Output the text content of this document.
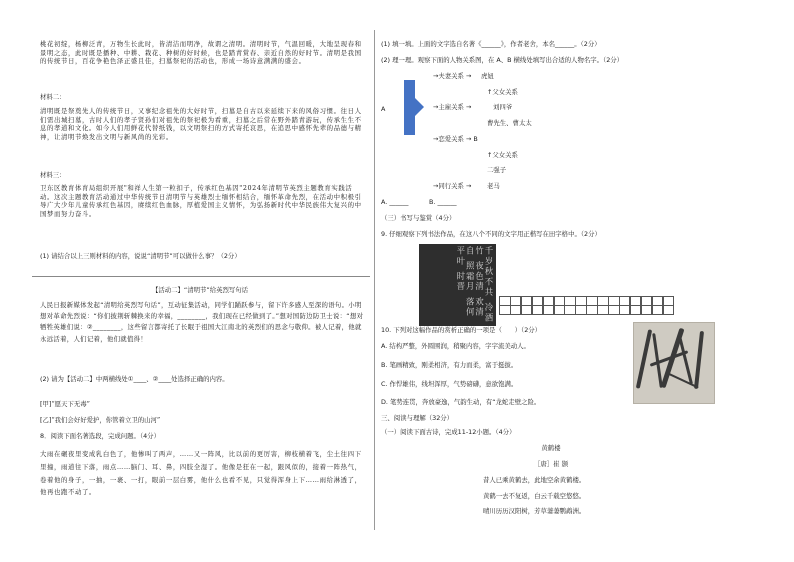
桃花初绽，杨柳泛青，万物生长此时，皆清洁而明净，故谓之清明。清明时节，气温回暖，大地呈现春和景明之态，此时既是播种、中耕、栽花、种树的好时候，也是踏青赏春、亲近自然的好时节。清明是我国的传统节日，百花争艳色泽正盛且佳，扫墓祭祀的活动也，形成一场诗意满满的盛会。
材料二：
清明既是祭奠先人的传统节日，又事纪念祖先的大好时节，扫墓是自古以来延续下来的风俗习惯。往日人们需出城扫墓，古时人们的孝子贤孙们对祖先的祭祀极为看重，扫墓之后常在野外踏青游玩，传承生生不息的孝道和文化。如今人们用鲜花代替纸钱，以文明祭扫的方式寄托哀思，在追思中感怀先辈的品德与精神，让清明节焕发出文明与新风尚的光彩。
材料三：
卫东区教育体育局组织开展"和祥人生第一粒扣子，传承红色基因"2024年清明节英烈主题教育实践活动。这次主题教育活动通过中华传统节日清明节与英雄烈士缅怀相结合，缅怀革命先烈，在活动中积极引导广大少年儿童传承红色基因，赓续红色血脉，厚植爱国主义情怀，为弘扬新时代中华民族伟大复兴的中国梦而努力奋斗。
(1) 请结合以上三则材料的内容，说说“清明节”可以做什么事？（2分）
【活动二】“清明节”给英烈写句话
人民日报新媒体发起“清明给英烈写句话”，互动征集活动，同学们踊跃参与，留下许多感人至深的语句。小明想对革命先烈说：“你们披荆斩棘换来的幸福，________，我们现在已经做到了。”想对国防边防卫士说：“想对牺牲英雄们说：②________，这些留言都寄托了长眠于祖国大江南北的英烈们的思念与敬仰。被人记着，他就永远活着，人们记着，他们就值得！
(2) 请为【活动二】中两横线处①____、②____处选择正确的内容。
[甲]“愿天下无毒”
[乙]“我们会好好爱护，你管着立卫的山河”
8．阅读下面名著选段，完成问题。（4分）
大雨在碾夜里变成乳白色了，他惨叫了两声，……又一阵风，比以前的更厉害，柳枝横着飞，尘土往四下里撞，雨道往下落，雨点……脑门、耳、鼻，四肢全湿了。他像是狂在一起，跟风似的，接着一阵热气，卷着他的身子，一抽，一裹、一打，眼前一层白雾，他什么也看不见，只觉得浑身上下……雨给淋透了，他再也跑不动了。
(1) 填一填。上面的文字选自名著《______》，作者老舍，本名______。（2分）
(2) 理一理。观察下面的人物关系图，在 A、B 横线处填写出合适的人物名字。（2分）
A
→夫妻关系 → 虎妞
↑父女关系
→主雇关系 →	刘四爷
曹先生、曹太太
→恋爱关系 → B
↑父女关系
二强子
→同行关系 → 老马
A. ______	B. ______
（三）书写与鉴赏（4分）
9. 仔细观察下列书法作品，在这八个不同的文字用正楷写在田字格中。（2分）
千岁秋不共 冷酒竹 夜色清 欢清自 照霜月 落何 平叶 时晋
10. 下列对这幅作品的赏析正确的一项是（　　）（2分）
A. 结构严整，外圆围润，稍聚内容，字字流美动人。
B. 笔画精致，刚柔相济，有力而柔，富于挺拔。
C. 作悍雄伟，线坦浑厚，气势磅礴，意欲饱满。
D. 笔势连贯，奔放豪逸，气韵生动，有“龙蛇走壁之险。
三、阅读与理解（32分）
（一）阅读下面古诗，完成11-12小题。（4分）
黄鹤楼
［唐］崔 颢
昔人已乘黄鹤去，此地空余黄鹤楼。
黄鹤一去不复返，白云千载空悠悠。
晴川历历汉阳树，芳草萋萋鹦鹉洲。
